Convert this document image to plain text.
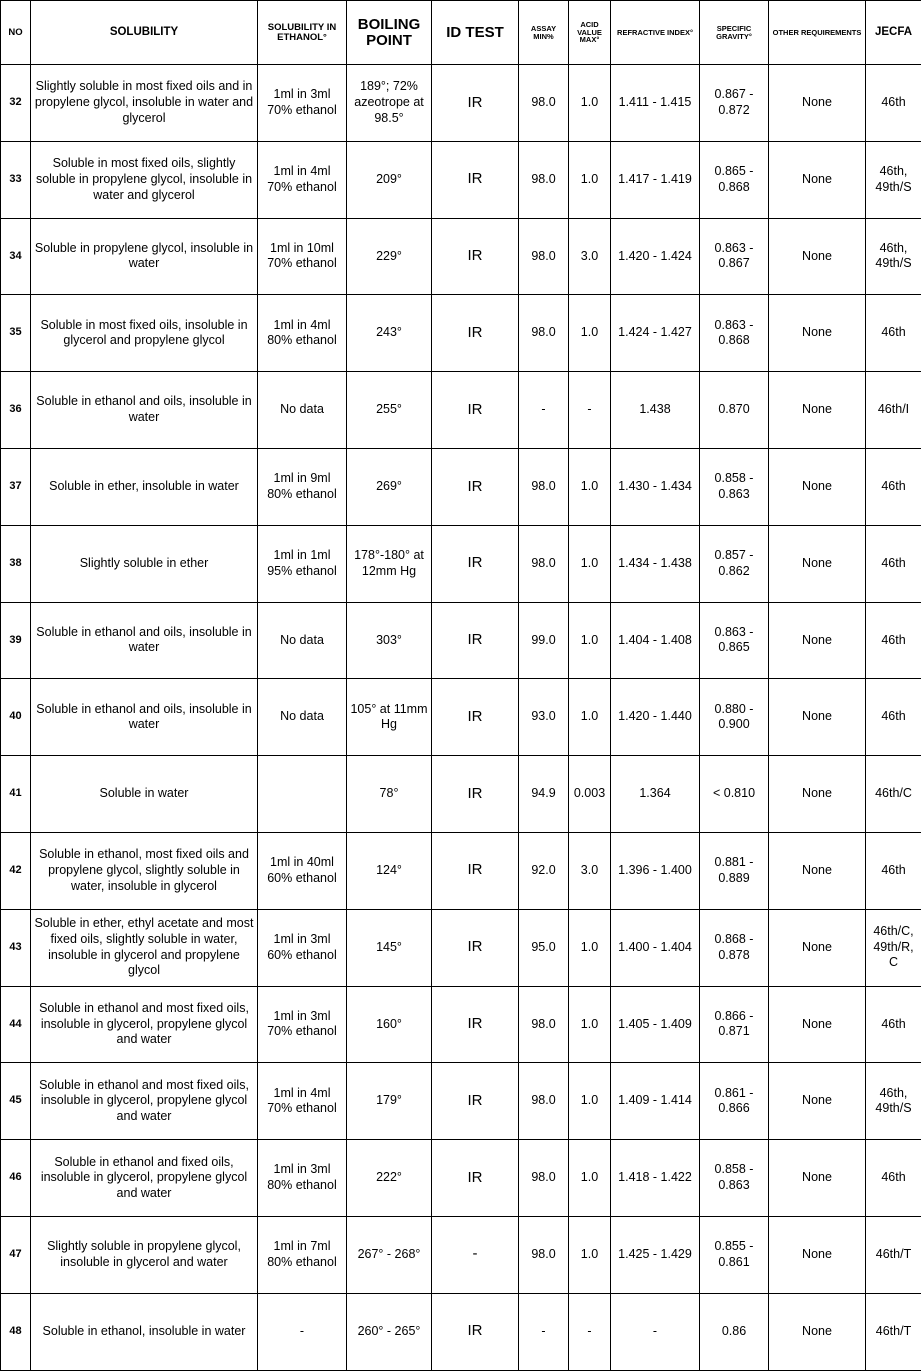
NO	SOLUBILITY	SOLUBILITY IN ETHANOL°	BOILING POINT	ID TEST	ASSAY MIN%	ACID VALUE MAX°	REFRACTIVE INDEX°	SPECIFIC GRAVITY°	OTHER REQUIREMENTS	JECFA
32	Slightly soluble in most fixed oils and in propylene glycol, insoluble in water and glycerol	1ml in 3ml 70% ethanol	189°; 72% azeotrope at 98.5°	IR	98.0	1.0	1.411 - 1.415	0.867 - 0.872	None	46th
33	Soluble in most fixed oils, slightly soluble in propylene glycol, insoluble in water and glycerol	1ml in 4ml 70% ethanol	209°	IR	98.0	1.0	1.417 - 1.419	0.865 - 0.868	None	46th, 49th/S
34	Soluble in propylene glycol, insoluble in water	1ml in 10ml 70% ethanol	229°	IR	98.0	3.0	1.420 - 1.424	0.863 - 0.867	None	46th, 49th/S
35	Soluble in most fixed oils, insoluble in glycerol and propylene glycol	1ml in 4ml 80% ethanol	243°	IR	98.0	1.0	1.424 - 1.427	0.863 - 0.868	None	46th
36	Soluble in ethanol and oils, insoluble in water	No data	255°	IR	-	-	1.438	0.870	None	46th/I
37	Soluble in ether, insoluble in water	1ml in 9ml 80% ethanol	269°	IR	98.0	1.0	1.430 - 1.434	0.858 - 0.863	None	46th
38	Slightly soluble in ether	1ml in 1ml 95% ethanol	178°-180° at 12mm Hg	IR	98.0	1.0	1.434 - 1.438	0.857 - 0.862	None	46th
39	Soluble in ethanol and oils, insoluble in water	No data	303°	IR	99.0	1.0	1.404 - 1.408	0.863 - 0.865	None	46th
40	Soluble in ethanol and oils, insoluble in water	No data	105° at 11mm Hg	IR	93.0	1.0	1.420 - 1.440	0.880 - 0.900	None	46th
41	Soluble in water		78°	IR	94.9	0.003	1.364	< 0.810	None	46th/C
42	Soluble in ethanol, most fixed oils and propylene glycol, slightly soluble in water, insoluble in glycerol	1ml in 40ml 60% ethanol	124°	IR	92.0	3.0	1.396 - 1.400	0.881 - 0.889	None	46th
43	Soluble in ether, ethyl acetate and most fixed oils, slightly soluble in water, insoluble in glycerol and propylene glycol	1ml in 3ml 60% ethanol	145°	IR	95.0	1.0	1.400 - 1.404	0.868 - 0.878	None	46th/C, 49th/R, C
44	Soluble in ethanol and most fixed oils, insoluble in glycerol, propylene glycol and water	1ml in 3ml 70% ethanol	160°	IR	98.0	1.0	1.405 - 1.409	0.866 - 0.871	None	46th
45	Soluble in ethanol and most fixed oils, insoluble in glycerol, propylene glycol and water	1ml in 4ml 70% ethanol	179°	IR	98.0	1.0	1.409 - 1.414	0.861 - 0.866	None	46th, 49th/S
46	Soluble in ethanol and fixed oils, insoluble in glycerol, propylene glycol and water	1ml in 3ml 80% ethanol	222°	IR	98.0	1.0	1.418 - 1.422	0.858 - 0.863	None	46th
47	Slightly soluble in propylene glycol, insoluble in glycerol and water	1ml in 7ml 80% ethanol	267° - 268°	-	98.0	1.0	1.425 - 1.429	0.855 - 0.861	None	46th/T
48	Soluble in ethanol, insoluble in water	-	260° - 265°	IR	-	-	-	0.86	None	46th/T
